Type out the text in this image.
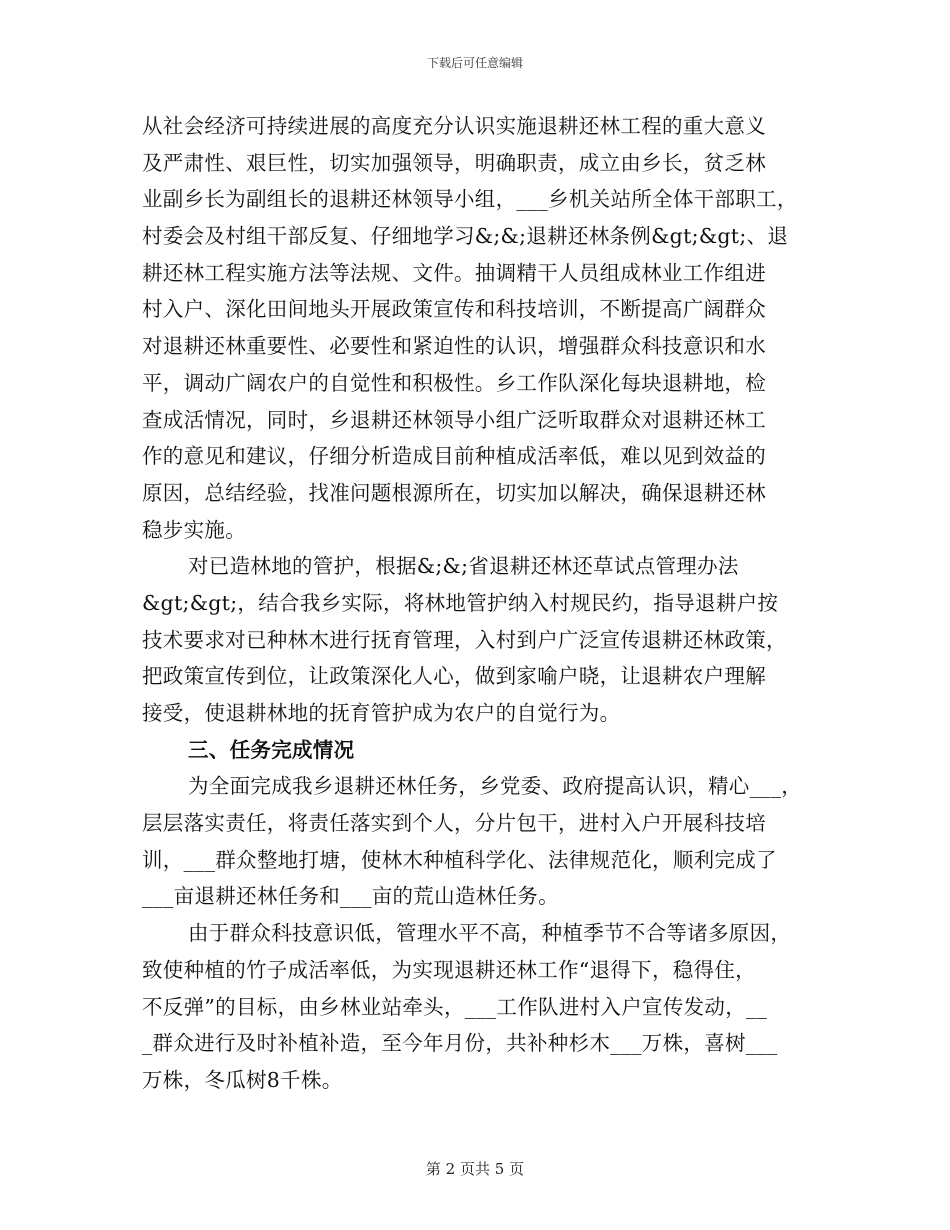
下载后可任意编辑
从社会经济可持续进展的高度充分认识实施退耕还林工程的重大意义
及严肃性、艰巨性，切实加强领导，明确职责，成立由乡长，贫乏林
业副乡长为副组长的退耕还林领导小组，___乡机关站所全体干部职工，
村委会及村组干部反复、仔细地学习&;&;退耕还林条例&gt;&gt;、退
耕还林工程实施方法等法规、文件。抽调精干人员组成林业工作组进
村入户、深化田间地头开展政策宣传和科技培训，不断提高广阔群众
对退耕还林重要性、必要性和紧迫性的认识，增强群众科技意识和水
平，调动广阔农户的自觉性和积极性。乡工作队深化每块退耕地，检
查成活情况，同时，乡退耕还林领导小组广泛听取群众对退耕还林工
作的意见和建议，仔细分析造成目前种植成活率低，难以见到效益的
原因，总结经验，找准问题根源所在，切实加以解决，确保退耕还林
稳步实施。
对已造林地的管护，根据&;&;省退耕还林还草试点管理办法
&gt;&gt;，结合我乡实际，将林地管护纳入村规民约，指导退耕户按
技术要求对已种林木进行抚育管理，入村到户广泛宣传退耕还林政策，
把政策宣传到位，让政策深化人心，做到家喻户晓，让退耕农户理解
接受，使退耕林地的抚育管护成为农户的自觉行为。
三、任务完成情况
为全面完成我乡退耕还林任务，乡党委、政府提高认识，精心___，
层层落实责任，将责任落实到个人，分片包干，进村入户开展科技培
训，___群众整地打塘，使林木种植科学化、法律规范化，顺利完成了
___亩退耕还林任务和___亩的荒山造林任务。
由于群众科技意识低，管理水平不高，种植季节不合等诸多原因，
致使种植的竹子成活率低，为实现退耕还林工作“退得下，稳得住，
不反弹”的目标，由乡林业站牵头，___工作队进村入户宣传发动，__
_群众进行及时补植补造，至今年月份，共补种杉木___万株，喜树___
万株，冬瓜树8千株。
第 2 页共 5 页
